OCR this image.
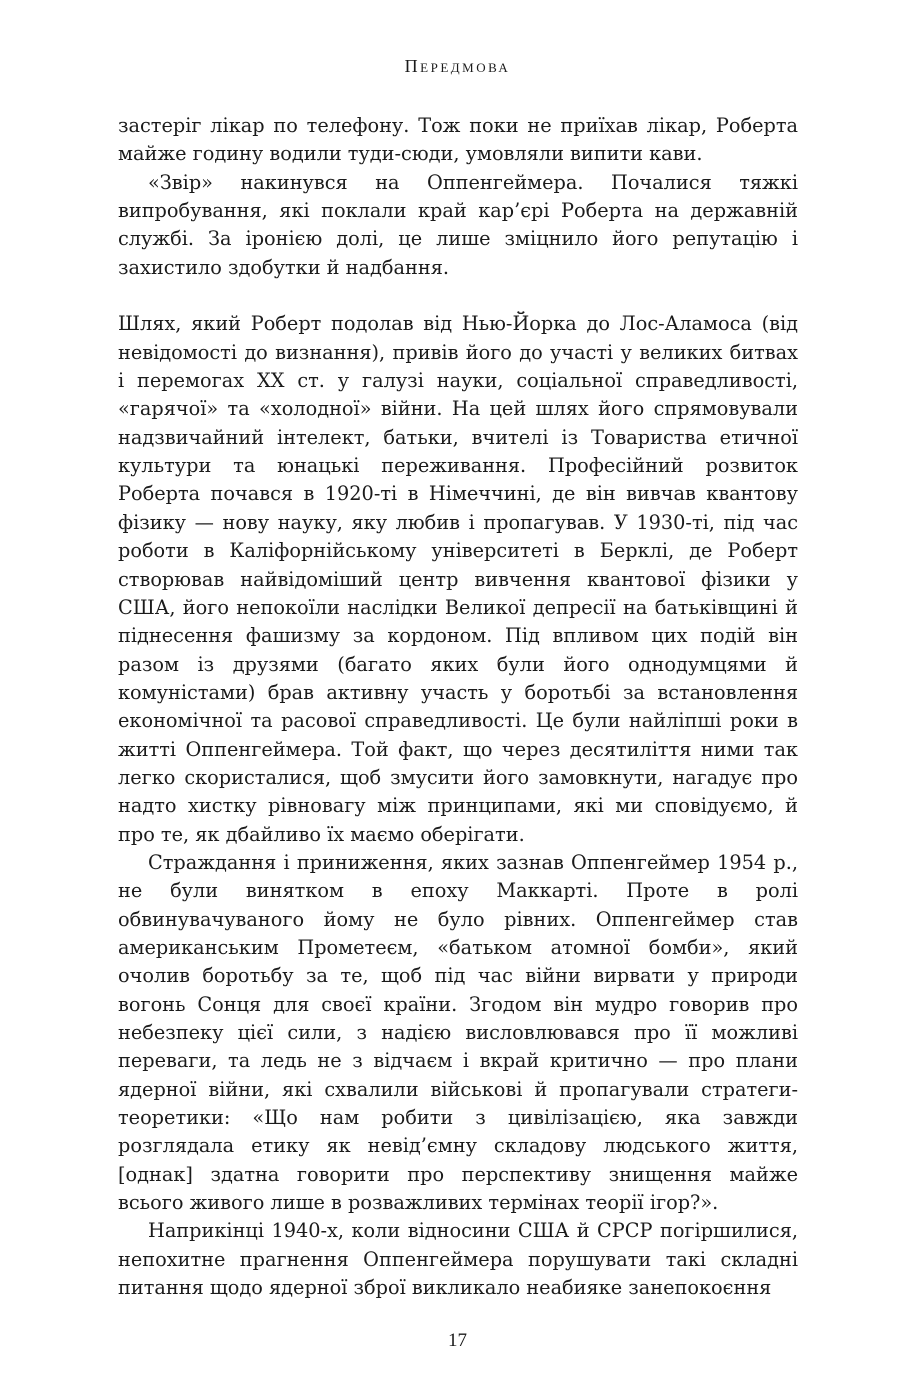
Передмова

застеріг лікар по телефону. Тож поки не приїхав лікар, Роберта майже годину водили туди-сюди, умовляли випити кави.

«Звір» накинувся на Оппенгеймера. Почалися тяжкі випробування, які поклали край кар’єрі Роберта на державній службі. За іронією долі, це лише зміцнило його репутацію і захистило здобутки й надбання.

Шлях, який Роберт подолав від Нью-Йорка до Лос-Аламоса (від невідомості до визнання), привів його до участі у великих битвах і перемогах XX ст. у галузі науки, соціальної справедливості, «гарячої» та «холодної» війни. На цей шлях його спрямовували надзвичайний інтелект, батьки, вчителі із Товариства етичної культури та юнацькі переживання. Професійний розвиток Роберта почався в 1920-ті в Німеччині, де він вивчав квантову фізику — нову науку, яку любив і пропагував. У 1930-ті, під час роботи в Каліфорнійському університеті в Берклі, де Роберт створював найвідоміший центр вивчення квантової фізики у США, його непокоїли наслідки Великої депресії на батьківщині й піднесення фашизму за кордоном. Під впливом цих подій він разом із друзями (багато яких були його однодумцями й комуністами) брав активну участь у боротьбі за встановлення економічної та расової справедливості. Це були найліпші роки в житті Оппенгеймера. Той факт, що через десятиліття ними так легко скористалися, щоб змусити його замовкнути, нагадує про надто хистку рівновагу між принципами, які ми сповідуємо, й про те, як дбайливо їх маємо оберігати.

Страждання і приниження, яких зазнав Оппенгеймер 1954 р., не були винятком в епоху Маккарті. Проте в ролі обвинувачуваного йому не було рівних. Оппенгеймер став американським Прометеєм, «батьком атомної бомби», який очолив боротьбу за те, щоб під час війни вирвати у природи вогонь Сонця для своєї країни. Згодом він мудро говорив про небезпеку цієї сили, з надією висловлювався про її можливі переваги, та ледь не з відчаєм і вкрай критично — про плани ядерної війни, які схвалили військові й пропагували стратеги-теоретики: «Що нам робити з цивілізацією, яка завжди розглядала етику як невід’ємну складову людського життя, [однак] здатна говорити про перспективу знищення майже всього живого лише в розважливих термінах теорії ігор?».

Наприкінці 1940-х, коли відносини США й СРСР погіршилися, непохитне прагнення Оппенгеймера порушувати такі складні питання щодо ядерної зброї викликало неабияке занепокоєння

17
